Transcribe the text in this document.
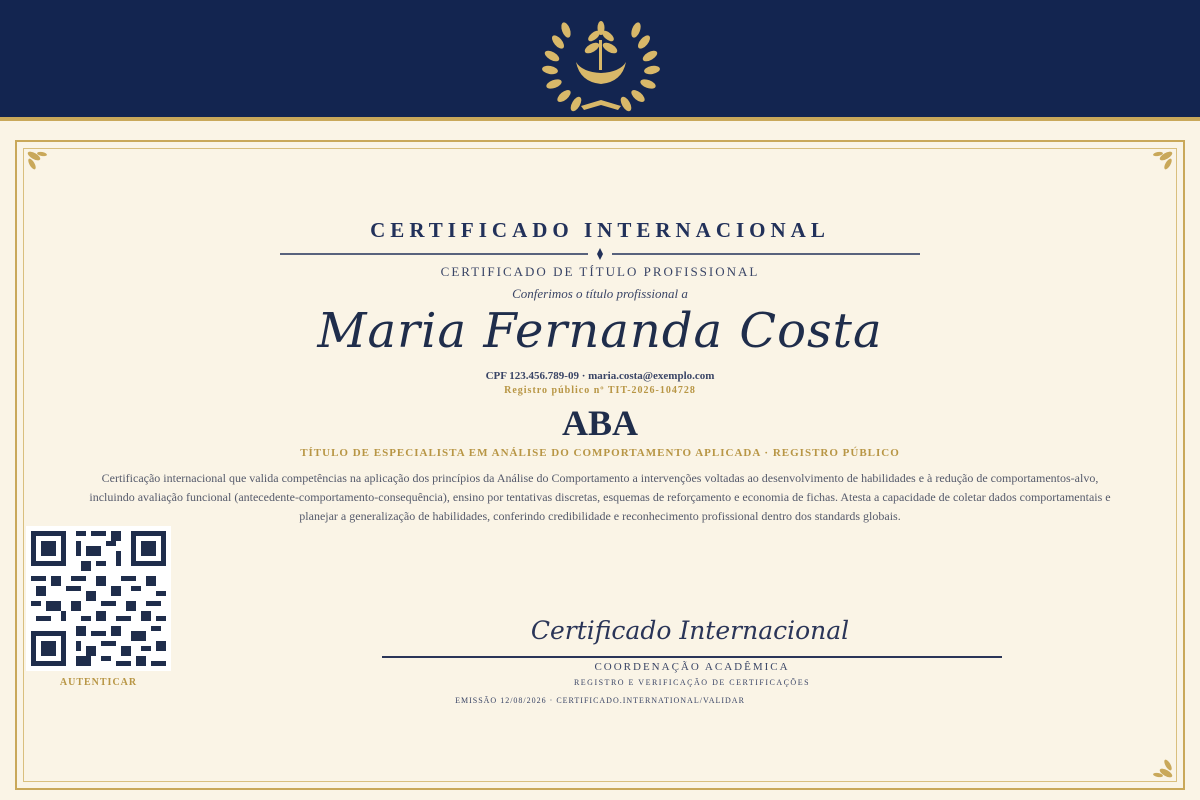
CERTIFICADO INTERNACIONAL
CERTIFICADO DE TÍTULO PROFISSIONAL
Conferimos o título profissional a
Maria Fernanda Costa
CPF 123.456.789-09 · maria.costa@exemplo.com
Registro público nº TIT-2026-104728
ABA
TÍTULO DE ESPECIALISTA EM ANÁLISE DO COMPORTAMENTO APLICADA · REGISTRO PÚBLICO
Certificação internacional que valida competências na aplicação dos princípios da Análise do Comportamento a intervenções voltadas ao desenvolvimento de habilidades e à redução de comportamentos-alvo, incluindo avaliação funcional (antecedente-comportamento-consequência), ensino por tentativas discretas, esquemas de reforçamento e economia de fichas. Atesta a capacidade de coletar dados comportamentais e planejar a generalização de habilidades, conferindo credibilidade e reconhecimento profissional dentro dos standards globais.
AUTENTICAR
Certificado Internacional
COORDENAÇÃO ACADÊMICA
REGISTRO E VERIFICAÇÃO DE CERTIFICAÇÕES
EMISSÃO 12/08/2026 · CERTIFICADO.INTERNATIONAL/VALIDAR
